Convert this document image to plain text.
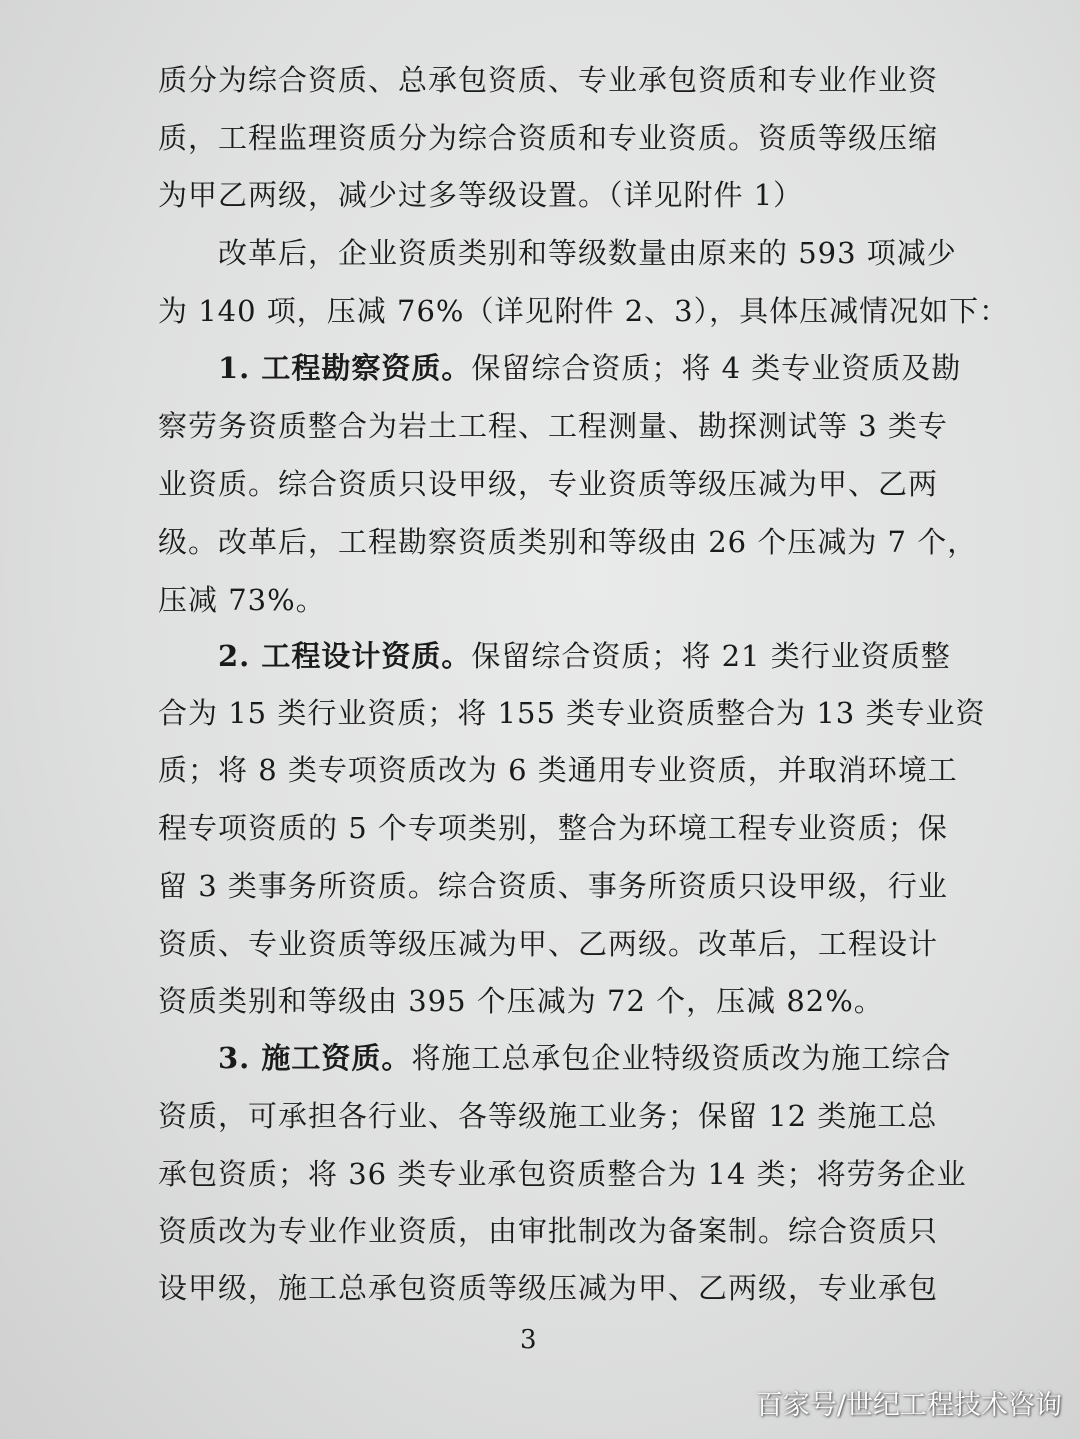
质分为综合资质、总承包资质、专业承包资质和专业作业资
质，工程监理资质分为综合资质和专业资质。资质等级压缩
为甲乙两级，减少过多等级设置。（详见附件 1）
改革后，企业资质类别和等级数量由原来的 593 项减少
为 140 项，压减 76%（详见附件 2、3），具体压减情况如下：
1. 工程勘察资质。保留综合资质；将 4 类专业资质及勘
察劳务资质整合为岩土工程、工程测量、勘探测试等 3 类专
业资质。综合资质只设甲级，专业资质等级压减为甲、乙两
级。改革后，工程勘察资质类别和等级由 26 个压减为 7 个，
压减 73%。
2. 工程设计资质。保留综合资质；将 21 类行业资质整
合为 15 类行业资质；将 155 类专业资质整合为 13 类专业资
质；将 8 类专项资质改为 6 类通用专业资质，并取消环境工
程专项资质的 5 个专项类别，整合为环境工程专业资质；保
留 3 类事务所资质。综合资质、事务所资质只设甲级，行业
资质、专业资质等级压减为甲、乙两级。改革后，工程设计
资质类别和等级由 395 个压减为 72 个，压减 82%。
3. 施工资质。将施工总承包企业特级资质改为施工综合
资质，可承担各行业、各等级施工业务；保留 12 类施工总
承包资质；将 36 类专业承包资质整合为 14 类；将劳务企业
资质改为专业作业资质，由审批制改为备案制。综合资质只
设甲级，施工总承包资质等级压减为甲、乙两级，专业承包
3
百家号/世纪工程技术咨询
